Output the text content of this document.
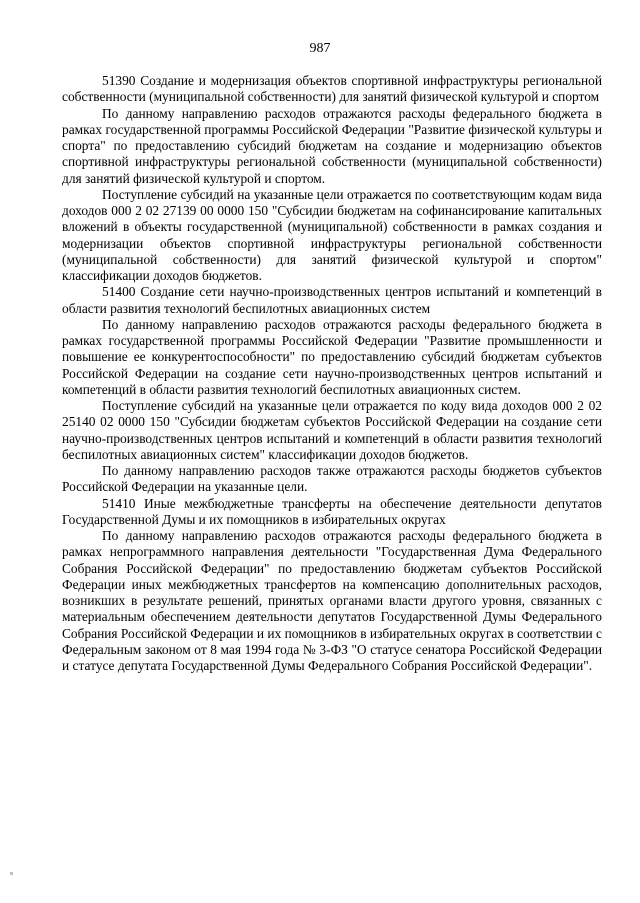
987

51390 Создание и модернизация объектов спортивной инфраструктуры региональной собственности (муниципальной собственности) для занятий физической культурой и спортом

По данному направлению расходов отражаются расходы федерального бюджета в рамках государственной программы Российской Федерации "Развитие физической культуры и спорта" по предоставлению субсидий бюджетам на создание и модернизацию объектов спортивной инфраструктуры региональной собственности (муниципальной собственности) для занятий физической культурой и спортом.

Поступление субсидий на указанные цели отражается по соответствующим кодам вида доходов 000 2 02 27139 00 0000 150 "Субсидии бюджетам на софинансирование капитальных вложений в объекты государственной (муниципальной) собственности в рамках создания и модернизации объектов спортивной инфраструктуры региональной собственности (муниципальной собственности) для занятий физической культурой и спортом" классификации доходов бюджетов.

51400 Создание сети научно-производственных центров испытаний и компетенций в области развития технологий беспилотных авиационных систем

По данному направлению расходов отражаются расходы федерального бюджета в рамках государственной программы Российской Федерации "Развитие промышленности и повышение ее конкурентоспособности" по предоставлению субсидий бюджетам субъектов Российской Федерации на создание сети научно-производственных центров испытаний и компетенций в области развития технологий беспилотных авиационных систем.

Поступление субсидий на указанные цели отражается по коду вида доходов 000 2 02 25140 02 0000 150 "Субсидии бюджетам субъектов Российской Федерации на создание сети научно-производственных центров испытаний и компетенций в области развития технологий беспилотных авиационных систем" классификации доходов бюджетов.

По данному направлению расходов также отражаются расходы бюджетов субъектов Российской Федерации на указанные цели.

51410 Иные межбюджетные трансферты на обеспечение деятельности депутатов Государственной Думы и их помощников в избирательных округах

По данному направлению расходов отражаются расходы федерального бюджета в рамках непрограммного направления деятельности "Государственная Дума Федерального Собрания Российской Федерации" по предоставлению бюджетам субъектов Российской Федерации иных межбюджетных трансфертов на компенсацию дополнительных расходов, возникших в результате решений, принятых органами власти другого уровня, связанных с материальным обеспечением деятельности депутатов Государственной Думы Федерального Собрания Российской Федерации и их помощников в избирательных округах в соответствии с Федеральным законом от 8 мая 1994 года № 3-ФЗ "О статусе сенатора Российской Федерации и статусе депутата Государственной Думы Федерального Собрания Российской Федерации".
